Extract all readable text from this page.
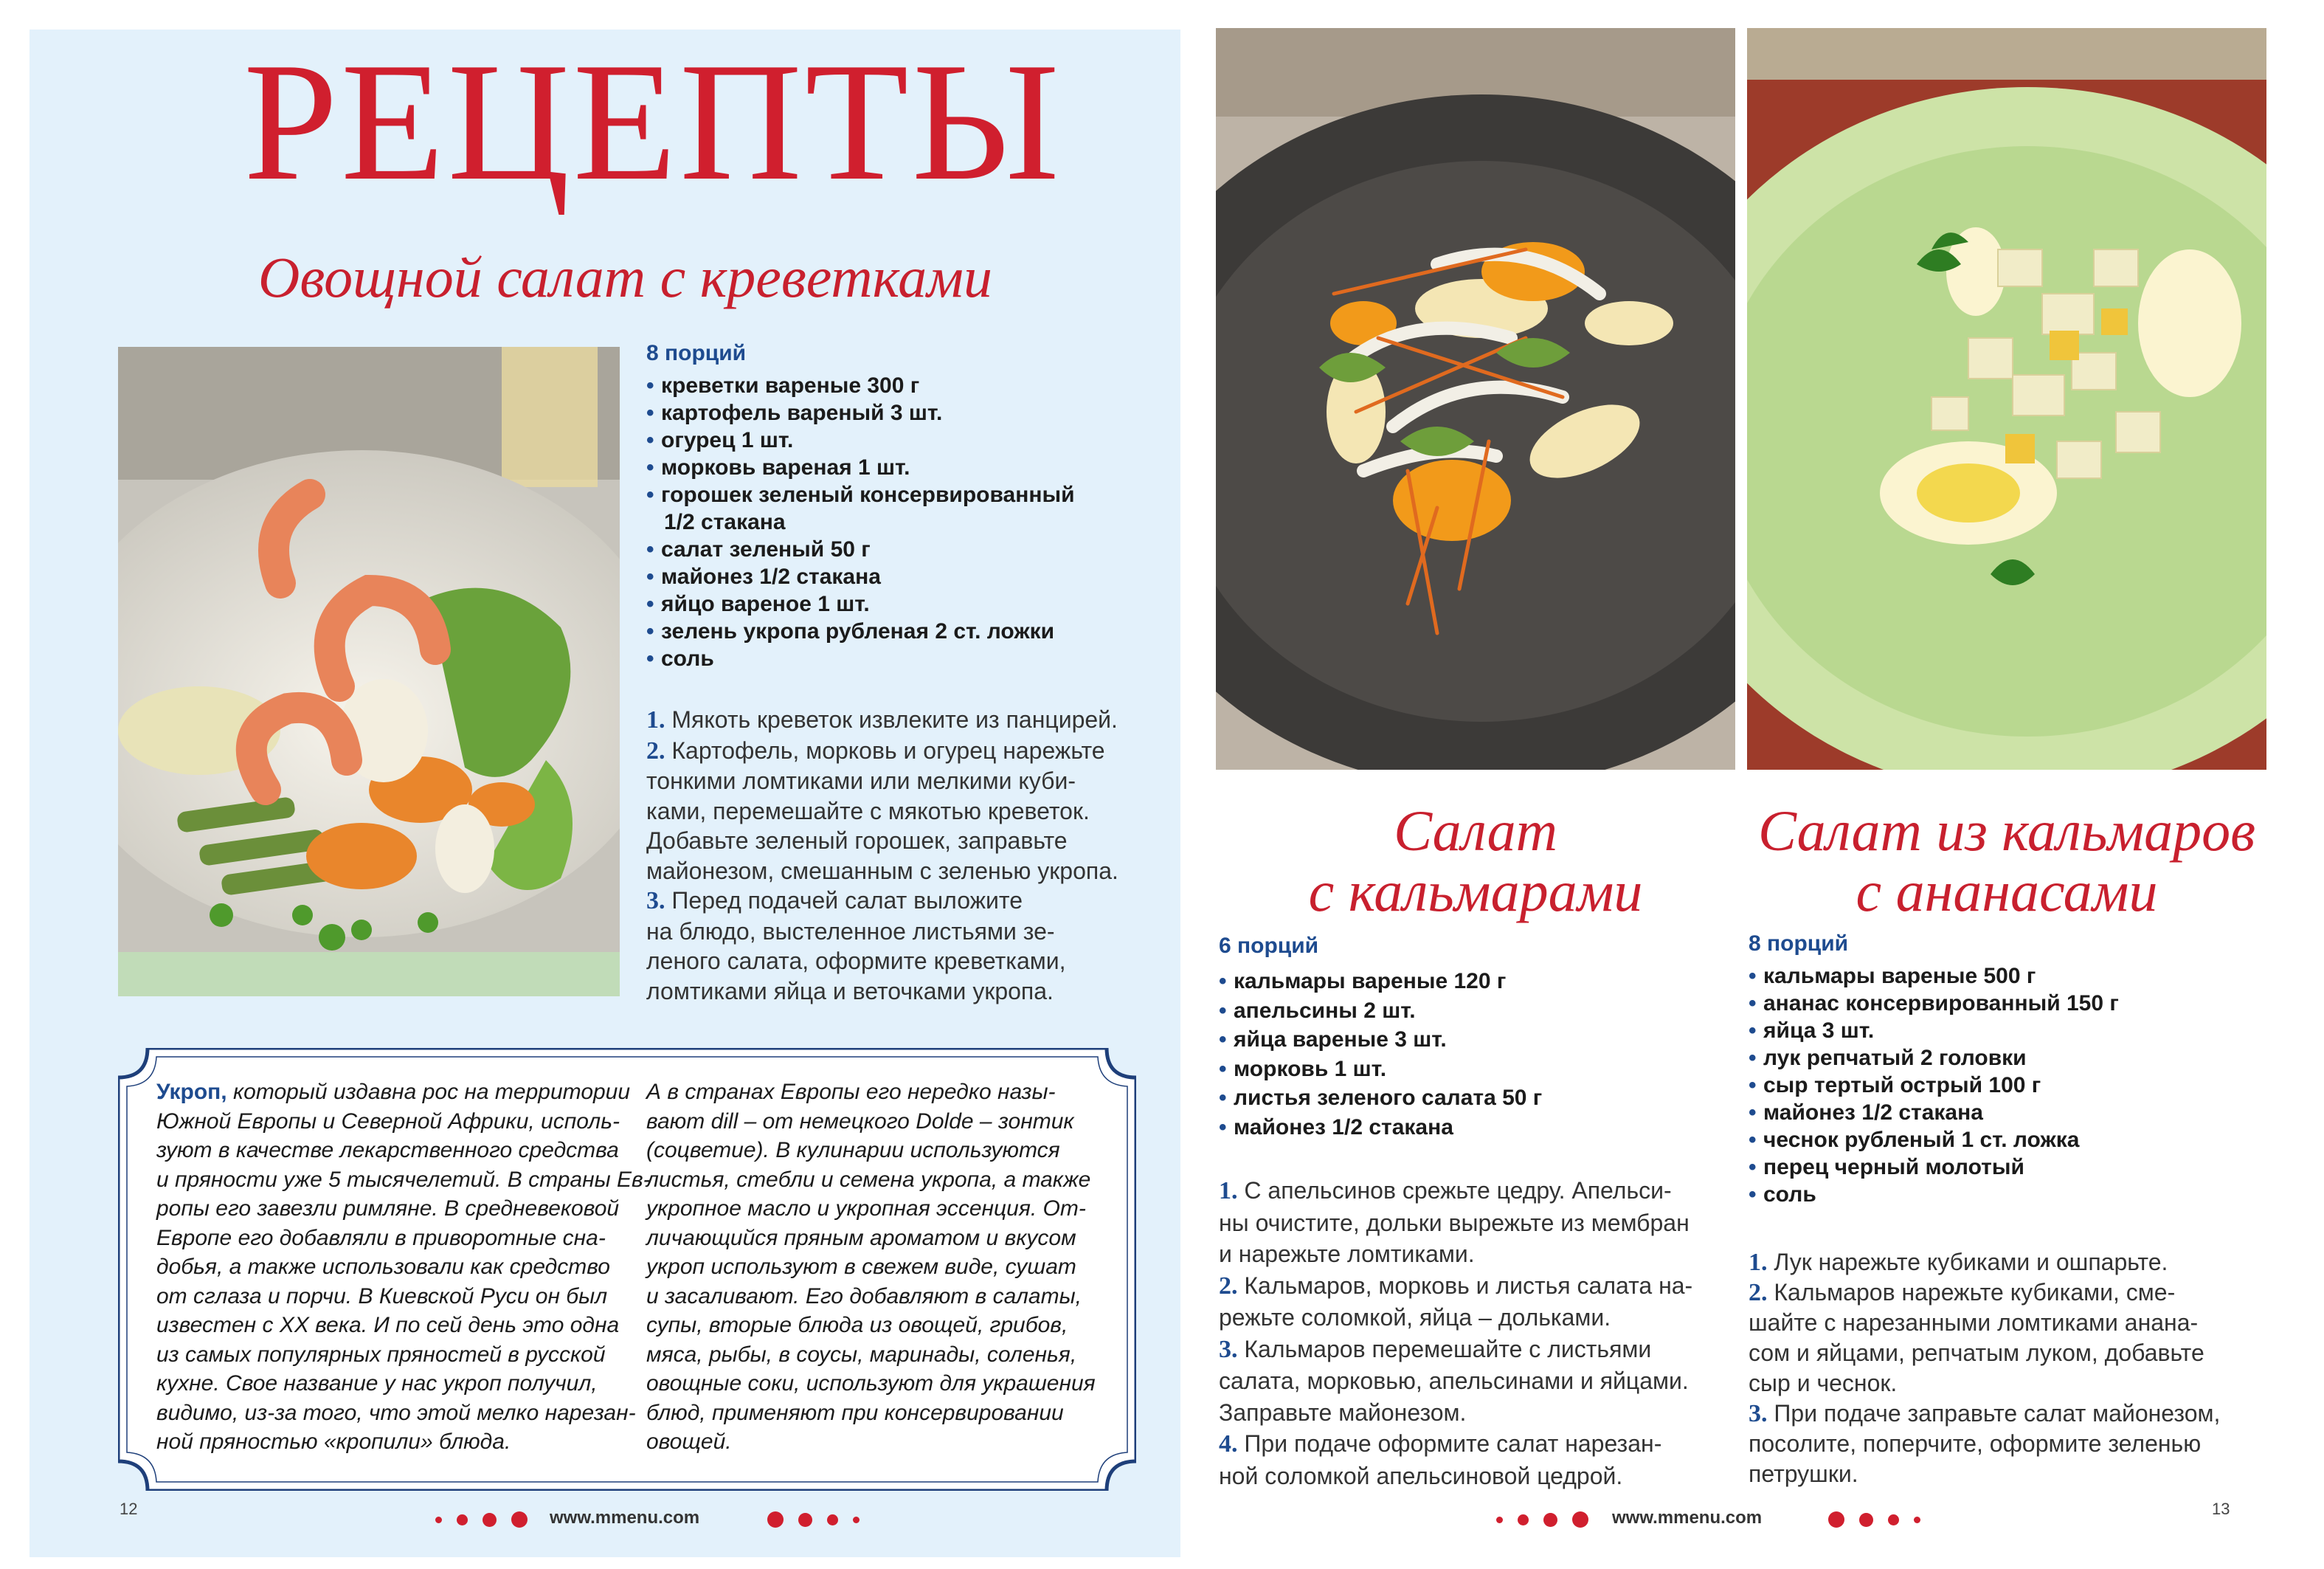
РЕЦЕПТЫ
Овощной салат с креветками
8 порций
• креветки вареные 300 г
• картофель вареный 3 шт.
• огурец 1 шт.
• морковь вареная 1 шт.
• горошек зеленый консервированный
1/2 стакана
• салат зеленый 50 г
• майонез 1/2 стакана
• яйцо вареное 1 шт.
• зелень укропа рубленая 2 ст. ложки
• соль
1. Мякоть креветок извлеките из панцирей.
2. Картофель, морковь и огурец нарежьте
тонкими ломтиками или мелкими куби-
ками, перемешайте с мякотью креветок.
Добавьте зеленый горошек, заправьте
майонезом, смешанным с зеленью укропа.
3. Перед подачей салат выложите
на блюдо, выстеленное листьями зе-
леного салата, оформите креветками,
ломтиками яйца и веточками укропа.
Укроп, который издавна рос на территории
Южной Европы и Северной Африки, исполь-
зуют в качестве лекарственного средства
и пряности уже 5 тысячелетий. В страны Ев-
ропы его завезли римляне. В средневековой
Европе его добавляли в приворотные сна-
добья, а также использовали как средство
от сглаза и порчи. В Киевской Руси он был
известен с XX века. И по сей день это одна
из самых популярных пряностей в русской
кухне. Свое название у нас укроп получил,
видимо, из-за того, что этой мелко нарезан-
ной пряностью «кропили» блюда.
А в странах Европы его нередко назы-
вают dill – от немецкого Dolde – зонтик
(соцветие). В кулинарии используются
листья, стебли и семена укропа, а также
укропное масло и укропная эссенция. От-
личающийся пряным ароматом и вкусом
укроп используют в свежем виде, сушат
и засаливают. Его добавляют в салаты,
супы, вторые блюда из овощей, грибов,
мяса, рыбы, в соусы, маринады, соленья,
овощные соки, используют для украшения
блюд, применяют при консервировании
овощей.
12	www.mmenu.com
Салат
с кальмарами
Салат из кальмаров
с ананасами
6 порций
• кальмары вареные 120 г
• апельсины 2 шт.
• яйца вареные 3 шт.
• морковь 1 шт.
• листья зеленого салата 50 г
• майонез 1/2 стакана
1. С апельсинов срежьте цедру. Апельси-
ны очистите, дольки вырежьте из мембран
и нарежьте ломтиками.
2. Кальмаров, морковь и листья салата на-
режьте соломкой, яйца – дольками.
3. Кальмаров перемешайте с листьями
салата, морковью, апельсинами и яйцами.
Заправьте майонезом.
4. При подаче оформите салат нарезан-
ной соломкой апельсиновой цедрой.
8 порций
• кальмары вареные 500 г
• ананас консервированный 150 г
• яйца 3 шт.
• лук репчатый 2 головки
• сыр тертый острый 100 г
• майонез 1/2 стакана
• чеснок рубленый 1 ст. ложка
• перец черный молотый
• соль
1. Лук нарежьте кубиками и ошпарьте.
2. Кальмаров нарежьте кубиками, сме-
шайте с нарезанными ломтиками анана-
сом и яйцами, репчатым луком, добавьте
сыр и чеснок.
3. При подаче заправьте салат майонезом,
посолите, поперчите, оформите зеленью
петрушки.
www.mmenu.com	13
